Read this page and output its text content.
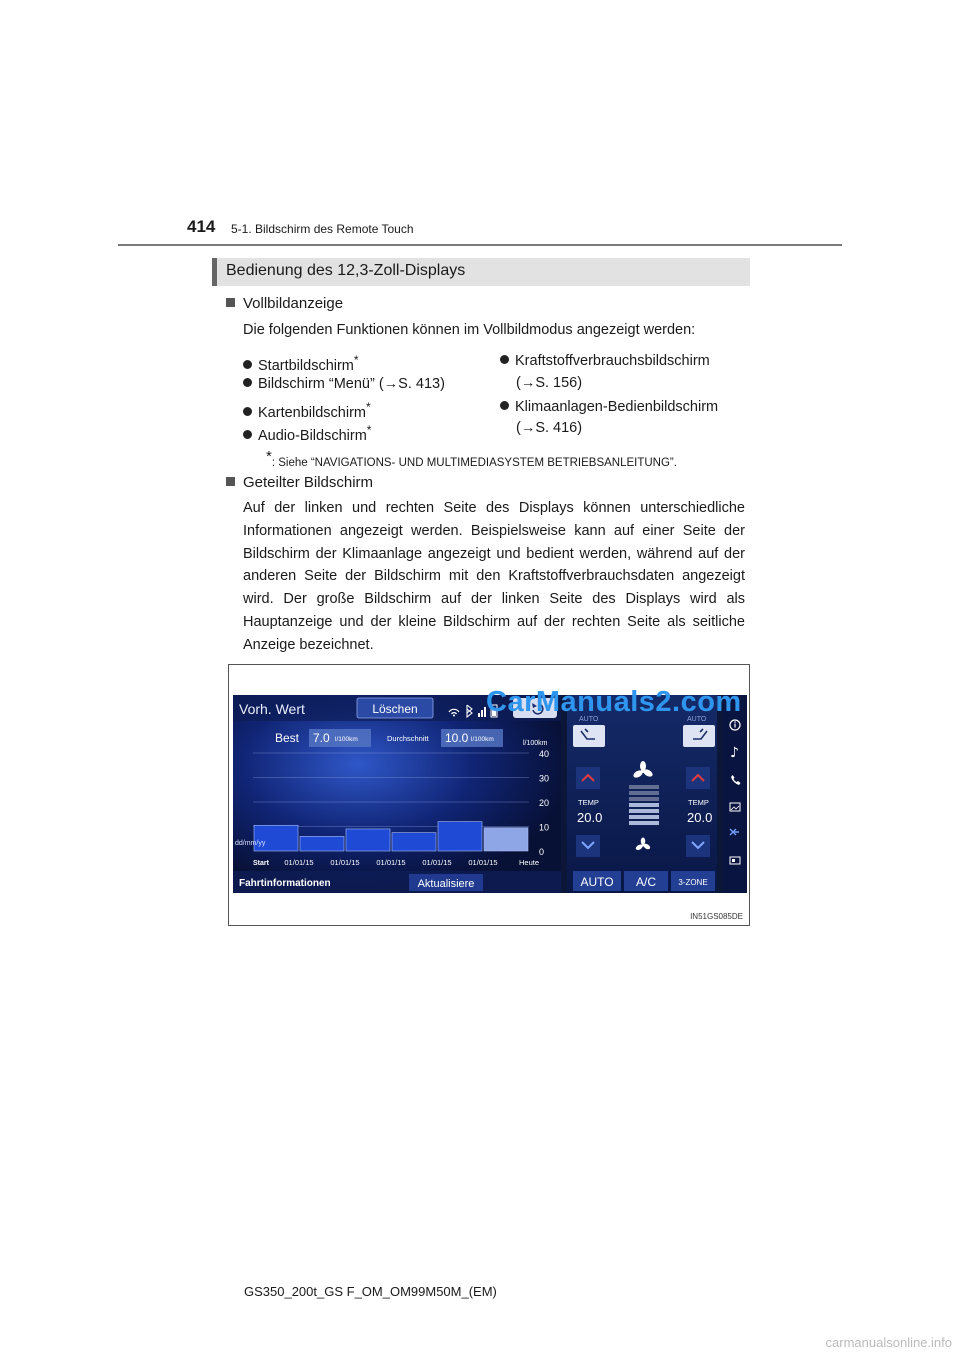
414 5-1. Bildschirm des Remote Touch
Bedienung des 12,3-Zoll-Displays
Vollbildanzeige
Die folgenden Funktionen können im Vollbildmodus angezeigt werden:
Startbildschirm*
Bildschirm “Menü” (→S. 413)
Kartenbildschirm*
Audio-Bildschirm*
Kraftstoffverbrauchsbildschirm
(→S. 156)
Klimaanlagen-Bedienbildschirm
(→S. 416)
*: Siehe “NAVIGATIONS- UND MULTIMEDIASYSTEM BETRIEBSANLEITUNG”.
Geteilter Bildschirm
Auf der linken und rechten Seite des Displays können unterschiedliche Informationen angezeigt werden. Beispielsweise kann auf einer Seite der Bildschirm der Klimaanlage angezeigt und bedient werden, während auf der anderen Seite der Bildschirm mit den Kraftstoffverbrauchsdaten angezeigt wird. Der große Bildschirm auf der linken Seite des Displays wird als Hauptanzeige und der kleine Bildschirm auf der rechten Seite als seitliche Anzeige bezeichnet.
Vorh. Wert	Löschen
Best 7.0 l/100km	Durchschnitt 10.0 l/100km
l/100km
0
10
20
30
40
Start 01/01/15 01/01/15 01/01/15 01/01/15 01/01/15	Heute
dd/mm/yy
Fahrtinformationen	Aktualisiere
AUTO	AUTO
TEMP
20.0
TEMP
20.0
AUTO A/C	3-ZONE
♪
IN51GS085DE
CarManuals2.com
GS350_200t_GS F_OM_OM99M50M_(EM)
carmanualsonline.info
